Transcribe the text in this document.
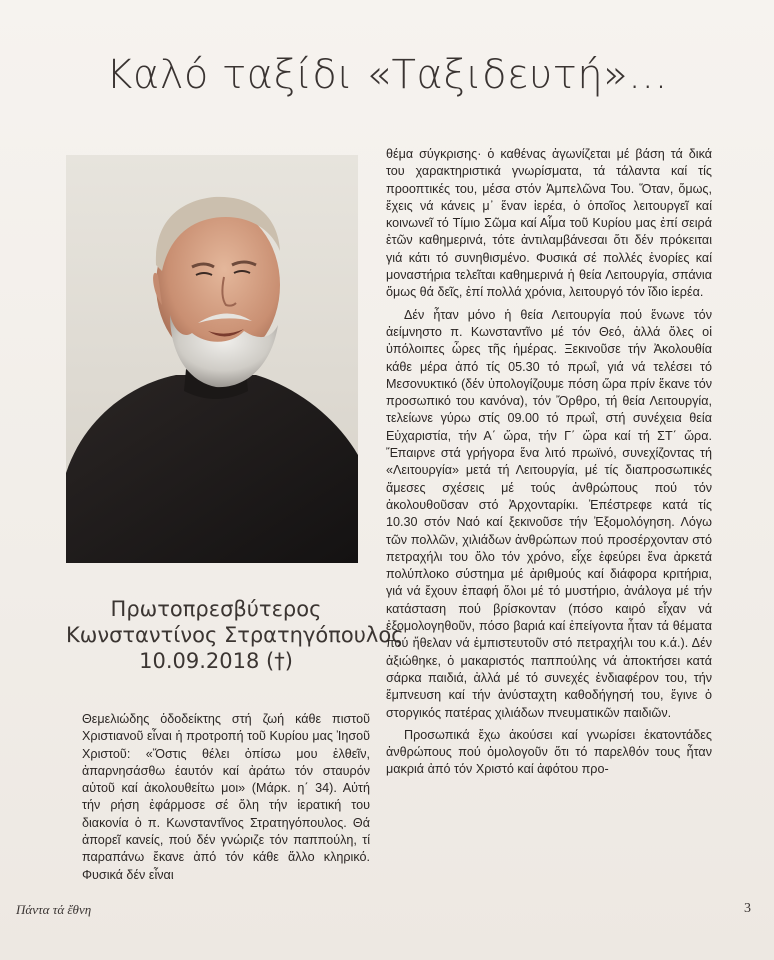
Καλό ταξίδι «Ταξιδευτή»...
Πρωτοπρεσβύτερος
Κωνσταντίνος Στρατηγόπουλος
10.09.2018 (†)

Θεμελιώδης ὁδοδείκτης στή ζωή κάθε πιστοῦ Χριστιανοῦ εἶναι ἡ προτροπή τοῦ Κυρίου μας Ἰησοῦ Χριστοῦ: «Ὅστις θέλει ὀπίσω μου ἐλθεῖν, ἀπαρνησάσθω ἑαυτόν καί ἀράτω τόν σταυρόν αὐτοῦ καί ἀκολουθείτω μοι» (Μάρκ. η΄ 34). Αὐτή τήν ρήση ἐφάρμοσε σέ ὅλη τήν ἱερατική του διακονία ὁ π. Κωνσταντῖνος Στρατηγόπουλος. Θά ἀπορεῖ κανείς, πού δέν γνώριζε τόν παππούλη, τί παραπάνω ἔκανε ἀπό τόν κάθε ἄλλο κληρικό. Φυσικά δέν εἶναι

θέμα σύγκρισης· ὁ καθένας ἀγωνίζεται μέ βάση τά δικά του χαρακτηριστικά γνωρίσματα, τά τάλαντα καί τίς προοπτικές του, μέσα στόν Ἀμπελῶνα Του. Ὅταν, ὅμως, ἔχεις νά κάνεις μ᾽ ἕναν ἱερέα, ὁ ὁποῖος λειτουργεῖ καί κοινωνεῖ τό Τίμιο Σῶμα καί Αἷμα τοῦ Κυρίου μας ἐπί σειρά ἐτῶν καθημερινά, τότε ἀντιλαμβάνεσαι ὅτι δέν πρόκειται γιά κάτι τό συνηθισμένο. Φυσικά σέ πολλές ἐνορίες καί μοναστήρια τελεῖται καθημερινά ἡ θεία Λειτουργία, σπάνια ὅμως θά δεῖς, ἐπί πολλά χρόνια, λειτουργό τόν ἴδιο ἱερέα.

Δέν ἦταν μόνο ἡ θεία Λειτουργία πού ἕνωνε τόν ἀείμνηστο π. Κωνσταντῖνο μέ τόν Θεό, ἀλλά ὅλες οἱ ὑπόλοιπες ὧρες τῆς ἡμέρας. Ξεκινοῦσε τήν Ἀκολουθία κάθε μέρα ἀπό τίς 05.30 τό πρωΐ, γιά νά τελέσει τό Μεσονυκτικό (δέν ὑπολογίζουμε πόση ὥρα πρίν ἔκανε τόν προσωπικό του κανόνα), τόν Ὄρθρο, τή θεία Λειτουργία, τελείωνε γύρω στίς 09.00 τό πρωΐ, στή συνέχεια θεία Εὐχαριστία, τήν Α΄ ὥρα, τήν Γ΄ ὥρα καί τή ΣΤ΄ ὥρα. Ἔπαιρνε στά γρήγορα ἕνα λιτό πρωϊνό, συνεχίζοντας τή «Λειτουργία» μετά τή Λειτουργία, μέ τίς διαπροσωπικές ἄμεσες σχέσεις μέ τούς ἀνθρώπους πού τόν ἀκολουθοῦσαν στό Ἀρχονταρίκι. Ἐπέστρεφε κατά τίς 10.30 στόν Ναό καί ξεκινοῦσε τήν Ἐξομολόγηση. Λόγω τῶν πολλῶν, χιλιάδων ἀνθρώπων πού προσέρχονταν στό πετραχήλι του ὅλο τόν χρόνο, εἶχε ἐφεύρει ἕνα ἀρκετά πολύπλοκο σύστημα μέ ἀριθμούς καί διάφορα κριτήρια, γιά νά ἔχουν ἐπαφή ὅλοι μέ τό μυστήριο, ἀνάλογα μέ τήν κατάσταση πού βρίσκονταν (πόσο καιρό εἶχαν νά ἐξομολογηθοῦν, πόσο βαριά καί ἐπείγοντα ἦταν τά θέματα πού ἤθελαν νά ἐμπιστευτοῦν στό πετραχήλι του κ.ά.). Δέν ἀξιώθηκε, ὁ μακαριστός παππούλης νά ἀποκτήσει κατά σάρκα παιδιά, ἀλλά μέ τό συνεχές ἐνδιαφέρον του, τήν ἔμπνευση καί τήν ἀνύσταχτη καθοδήγησή του, ἔγινε ὁ στοργικός πατέρας χιλιάδων πνευματικῶν παιδιῶν.

Προσωπικά ἔχω ἀκούσει καί γνωρίσει ἑκατοντάδες ἀνθρώπους πού ὁμολογοῦν ὅτι τό παρελθόν τους ἦταν μακριά ἀπό τόν Χριστό καί ἀφότου προ-

Πάντα τά ἔθνη	3
